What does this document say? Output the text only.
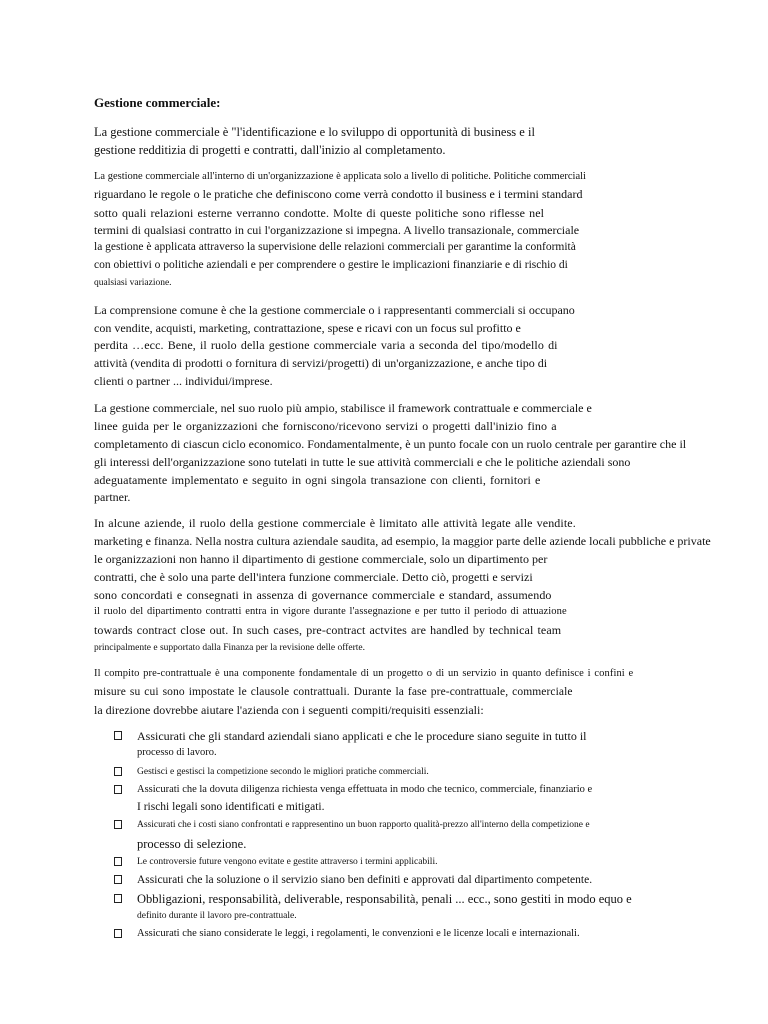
Gestione commerciale:
La gestione commerciale è "l'identificazione e lo sviluppo di opportunità di business e il
gestione redditizia di progetti e contratti, dall'inizio al completamento.
La gestione commerciale all'interno di un'organizzazione è applicata solo a livello di politiche. Politiche commerciali
riguardano le regole o le pratiche che definiscono come verrà condotto il business e i termini standard
sotto quali relazioni esterne verranno condotte. Molte di queste politiche sono riflesse nel
termini di qualsiasi contratto in cui l'organizzazione si impegna. A livello transazionale, commerciale
la gestione è applicata attraverso la supervisione delle relazioni commerciali per garantime la conformità
con obiettivi o politiche aziendali e per comprendere o gestire le implicazioni finanziarie e di rischio di
qualsiasi variazione.
La comprensione comune è che la gestione commerciale o i rappresentanti commerciali si occupano
con vendite, acquisti, marketing, contrattazione, spese e ricavi con un focus sul profitto e
perdita …ecc. Bene, il ruolo della gestione commerciale varia a seconda del tipo/modello di
attività (vendita di prodotti o fornitura di servizi/progetti) di un'organizzazione, e anche tipo di
clienti o partner ... individui/imprese.
La gestione commerciale, nel suo ruolo più ampio, stabilisce il framework contrattuale e commerciale e
linee guida per le organizzazioni che forniscono/ricevono servizi o progetti dall'inizio fino a
completamento di ciascun ciclo economico. Fondamentalmente, è un punto focale con un ruolo centrale per garantire che il
gli interessi dell'organizzazione sono tutelati in tutte le sue attività commerciali e che le politiche aziendali sono
adeguatamente implementato e seguito in ogni singola transazione con clienti, fornitori e
partner.
In alcune aziende, il ruolo della gestione commerciale è limitato alle attività legate alle vendite.
marketing e finanza. Nella nostra cultura aziendale saudita, ad esempio, la maggior parte delle aziende locali pubbliche e private
le organizzazioni non hanno il dipartimento di gestione commerciale, solo un dipartimento per
contratti, che è solo una parte dell'intera funzione commerciale. Detto ciò, progetti e servizi
sono concordati e consegnati in assenza di governance commerciale e standard, assumendo
il ruolo del dipartimento contratti entra in vigore durante l'assegnazione e per tutto il periodo di attuazione
towards contract close out. In such cases, pre-contract actvites are handled by technical team
principalmente e supportato dalla Finanza per la revisione delle offerte.
Il compito pre-contrattuale è una componente fondamentale di un progetto o di un servizio in quanto definisce i confini e
misure su cui sono impostate le clausole contrattuali. Durante la fase pre-contrattuale, commerciale
la direzione dovrebbe aiutare l'azienda con i seguenti compiti/requisiti essenziali:
Assicurati che gli standard aziendali siano applicati e che le procedure siano seguite in tutto il
processo di lavoro.
Gestisci e gestisci la competizione secondo le migliori pratiche commerciali.
Assicurati che la dovuta diligenza richiesta venga effettuata in modo che tecnico, commerciale, finanziario e
I rischi legali sono identificati e mitigati.
Assicurati che i costi siano confrontati e rappresentino un buon rapporto qualità-prezzo all'interno della competizione e
processo di selezione.
Le controversie future vengono evitate e gestite attraverso i termini applicabili.
Assicurati che la soluzione o il servizio siano ben definiti e approvati dal dipartimento competente.
Obbligazioni, responsabilità, deliverable, responsabilità, penali ... ecc., sono gestiti in modo equo e
definito durante il lavoro pre-contrattuale.
Assicurati che siano considerate le leggi, i regolamenti, le convenzioni e le licenze locali e internazionali.
